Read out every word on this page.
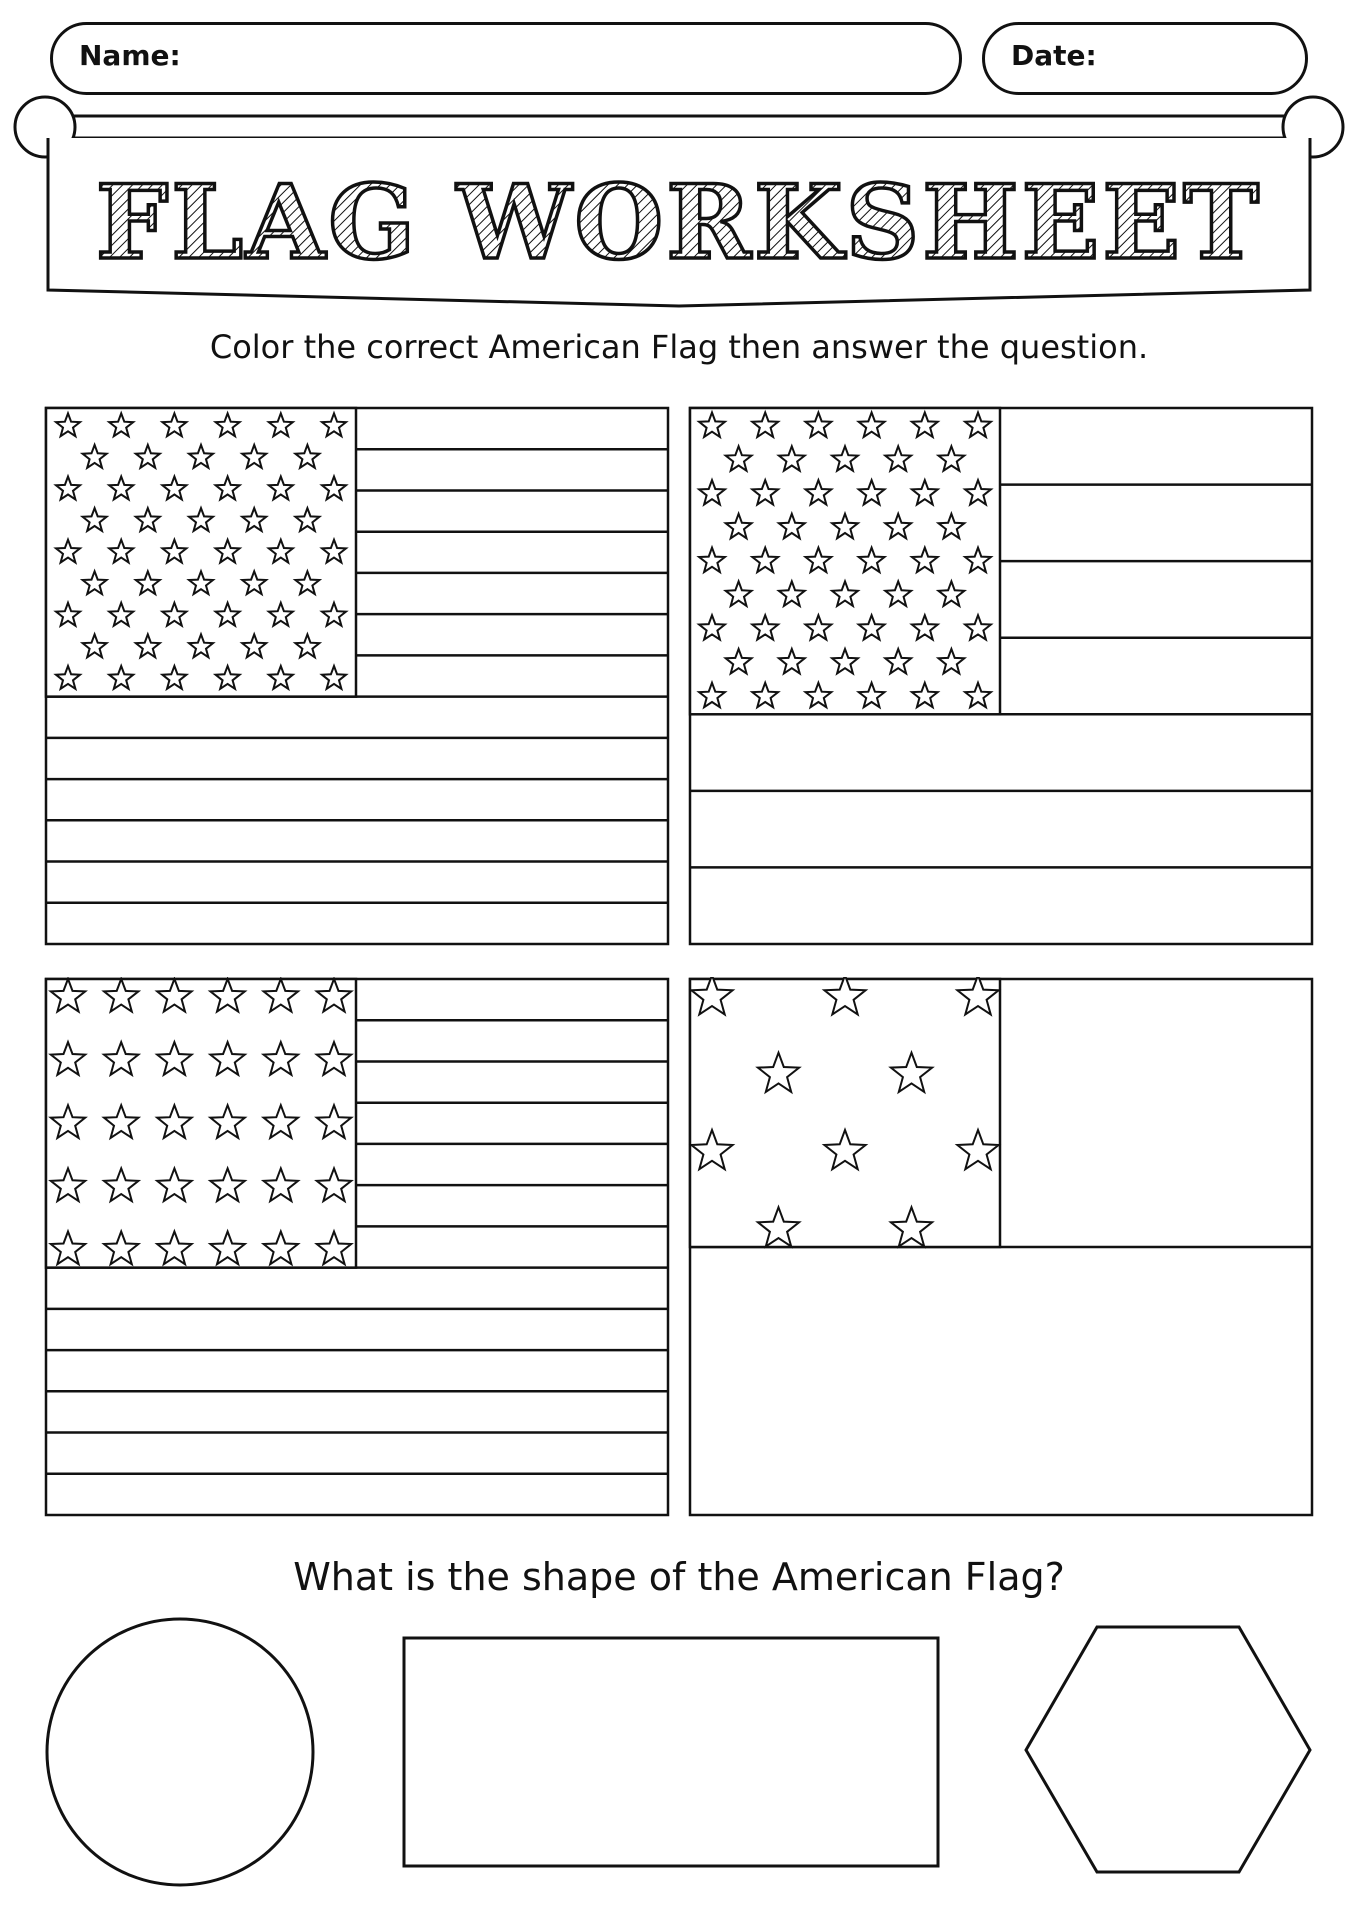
Name:	Date:
FLAG WORKSHEET
Color the correct American Flag then answer the question.
What is the shape of the American Flag?
